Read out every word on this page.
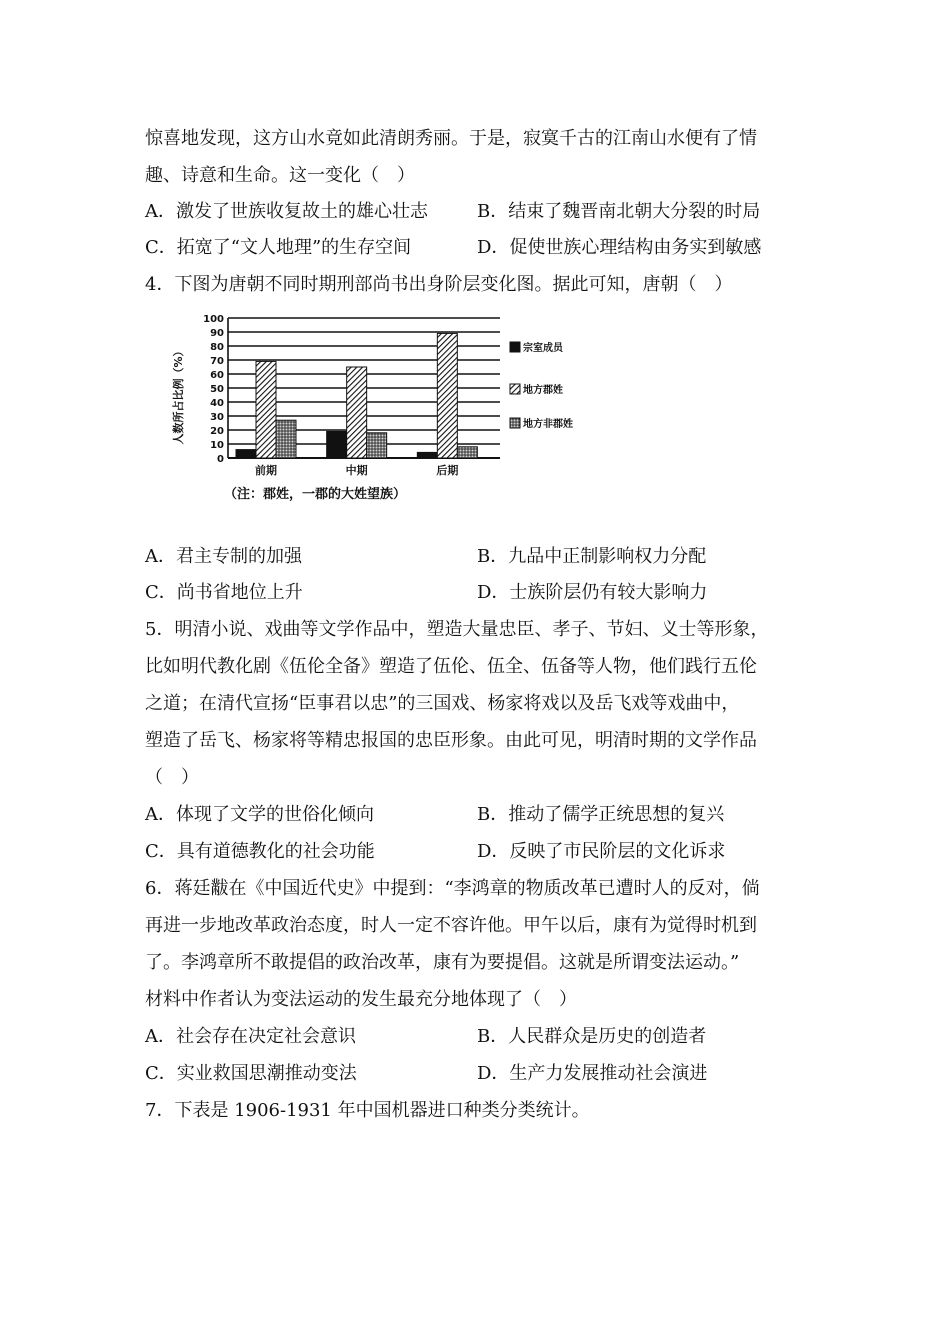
惊喜地发现，这方山水竟如此清朗秀丽。于是，寂寞千古的江南山水便有了情
趣、诗意和生命。这一变化（　）
A．激发了世族收复故土的雄心壮志	B．结束了魏晋南北朝大分裂的时局
C．拓宽了“文人地理”的生存空间	D．促使世族心理结构由务实到敏感
4．下图为唐朝不同时期刑部尚书出身阶层变化图。据此可知，唐朝（　）
0
10
20
30
40
50
60
70
80
90
100
前期	中期	后期
宗室成员
地方郡姓
地方非郡姓
人数所占比例（%）
（注：郡姓，一郡的大姓望族）
A．君主专制的加强	B．九品中正制影响权力分配
C．尚书省地位上升	D．士族阶层仍有较大影响力
5．明清小说、戏曲等文学作品中，塑造大量忠臣、孝子、节妇、义士等形象，
比如明代教化剧《伍伦全备》塑造了伍伦、伍全、伍备等人物，他们践行五伦
之道；在清代宣扬“臣事君以忠”的三国戏、杨家将戏以及岳飞戏等戏曲中，
塑造了岳飞、杨家将等精忠报国的忠臣形象。由此可见，明清时期的文学作品
（　）
A．体现了文学的世俗化倾向	B．推动了儒学正统思想的复兴
C．具有道德教化的社会功能	D．反映了市民阶层的文化诉求
6．蒋廷黻在《中国近代史》中提到：“李鸿章的物质改革已遭时人的反对，倘
再进一步地改革政治态度，时人一定不容许他。甲午以后，康有为觉得时机到
了。李鸿章所不敢提倡的政治改革，康有为要提倡。这就是所谓变法运动。”
材料中作者认为变法运动的发生最充分地体现了（　）
A．社会存在决定社会意识	B．人民群众是历史的创造者
C．实业救国思潮推动变法	D．生产力发展推动社会演进
7．下表是 1906-1931 年中国机器进口种类分类统计。
